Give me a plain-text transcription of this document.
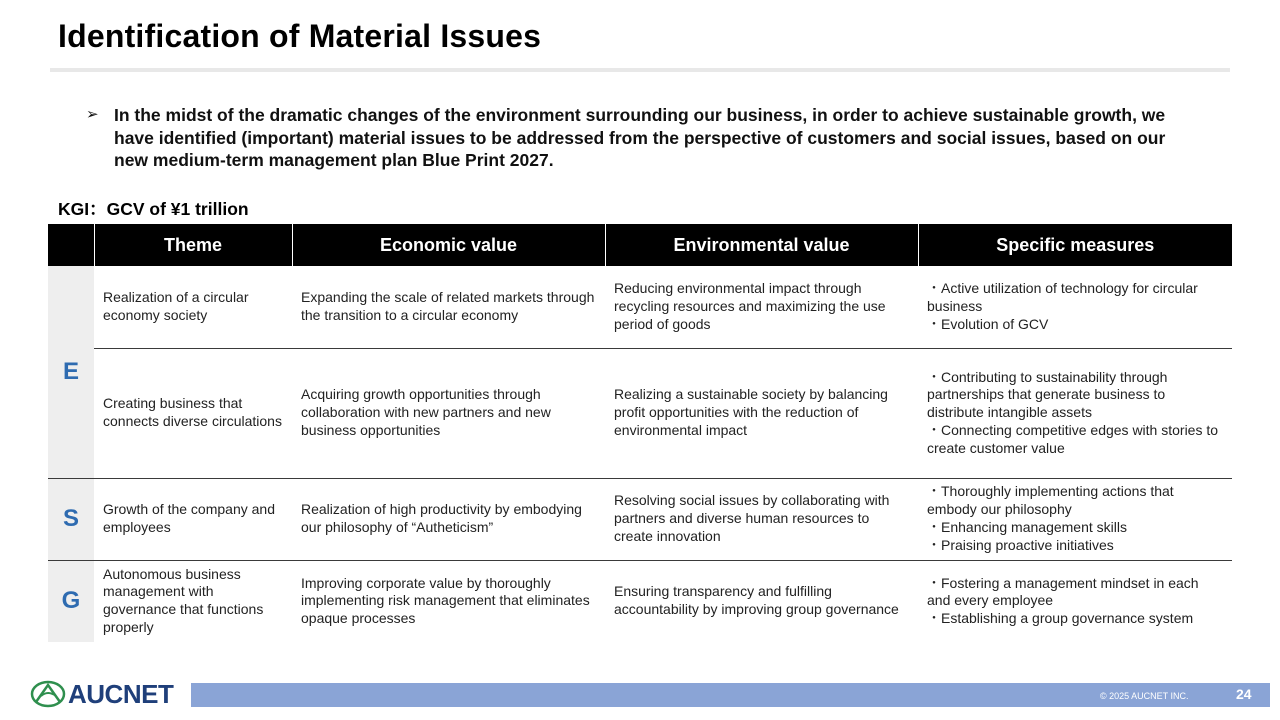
Identification of Material Issues
➢ In the midst of the dramatic changes of the environment surrounding our business, in order to achieve sustainable growth, we have identified (important) material issues to be addressed from the perspective of customers and social issues, based on our new medium-term management plan Blue Print 2027.
KGI：GCV of ¥1 trillion
	Theme	Economic value	Environmental value	Specific measures
E	Realization of a circular economy society	Expanding the scale of related markets through the transition to a circular economy	Reducing environmental impact through recycling resources and maximizing the use period of goods	・Active utilization of technology for circular business
・Evolution of GCV

	Creating business that connects diverse circulations	Acquiring growth opportunities through collaboration with new partners and new business opportunities	Realizing a sustainable society by balancing profit opportunities with the reduction of environmental impact	・Contributing to sustainability through partnerships that generate business to distribute intangible assets
・Connecting competitive edges with stories to create customer value

S	Growth of the company and employees	Realization of high productivity by embodying our philosophy of “Autheticism”	Resolving social issues by collaborating with partners and diverse human resources to create innovation	・Thoroughly implementing actions that embody our philosophy
・Enhancing management skills
・Praising proactive initiatives

G	Autonomous business management with governance that functions properly	Improving corporate value by thoroughly implementing risk management that eliminates opaque processes	Ensuring transparency and fulfilling accountability by improving group governance	・Fostering a management mindset in each and every employee
・Establishing a group governance system
AUCNET	© 2025 AUCNET INC.	24
